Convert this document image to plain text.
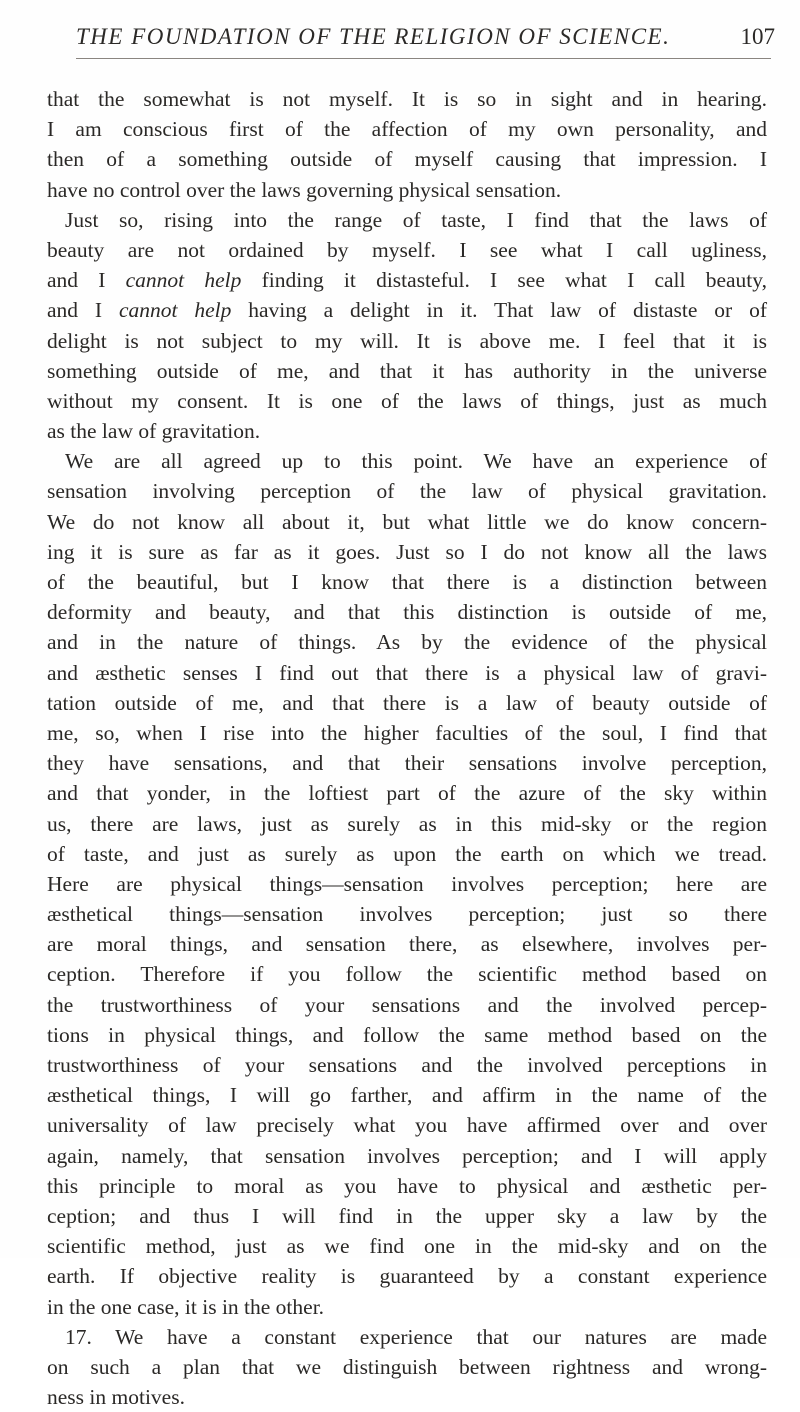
THE FOUNDATION OF THE RELIGION OF SCIENCE.	107
that the somewhat is not myself. It is so in sight and in hearing.
I am conscious first of the affection of my own personality, and
then of a something outside of myself causing that impression. I
have no control over the laws governing physical sensation.
Just so, rising into the range of taste, I find that the laws of
beauty are not ordained by myself. I see what I call ugliness,
and I cannot help finding it distasteful. I see what I call beauty,
and I cannot help having a delight in it. That law of distaste or of
delight is not subject to my will. It is above me. I feel that it is
something outside of me, and that it has authority in the universe
without my consent. It is one of the laws of things, just as much
as the law of gravitation.
We are all agreed up to this point. We have an experience of
sensation involving perception of the law of physical gravitation.
We do not know all about it, but what little we do know concern-
ing it is sure as far as it goes. Just so I do not know all the laws
of the beautiful, but I know that there is a distinction between
deformity and beauty, and that this distinction is outside of me,
and in the nature of things. As by the evidence of the physical
and æsthetic senses I find out that there is a physical law of gravi-
tation outside of me, and that there is a law of beauty outside of
me, so, when I rise into the higher faculties of the soul, I find that
they have sensations, and that their sensations involve perception,
and that yonder, in the loftiest part of the azure of the sky within
us, there are laws, just as surely as in this mid-sky or the region
of taste, and just as surely as upon the earth on which we tread.
Here are physical things—sensation involves perception; here are
æsthetical things—sensation involves perception; just so there
are moral things, and sensation there, as elsewhere, involves per-
ception. Therefore if you follow the scientific method based on
the trustworthiness of your sensations and the involved percep-
tions in physical things, and follow the same method based on the
trustworthiness of your sensations and the involved perceptions in
æsthetical things, I will go farther, and affirm in the name of the
universality of law precisely what you have affirmed over and over
again, namely, that sensation involves perception; and I will apply
this principle to moral as you have to physical and æsthetic per-
ception; and thus I will find in the upper sky a law by the
scientific method, just as we find one in the mid-sky and on the
earth. If objective reality is guaranteed by a constant experience
in the one case, it is in the other.
17. We have a constant experience that our natures are made
on such a plan that we distinguish between rightness and wrong-
ness in motives.
